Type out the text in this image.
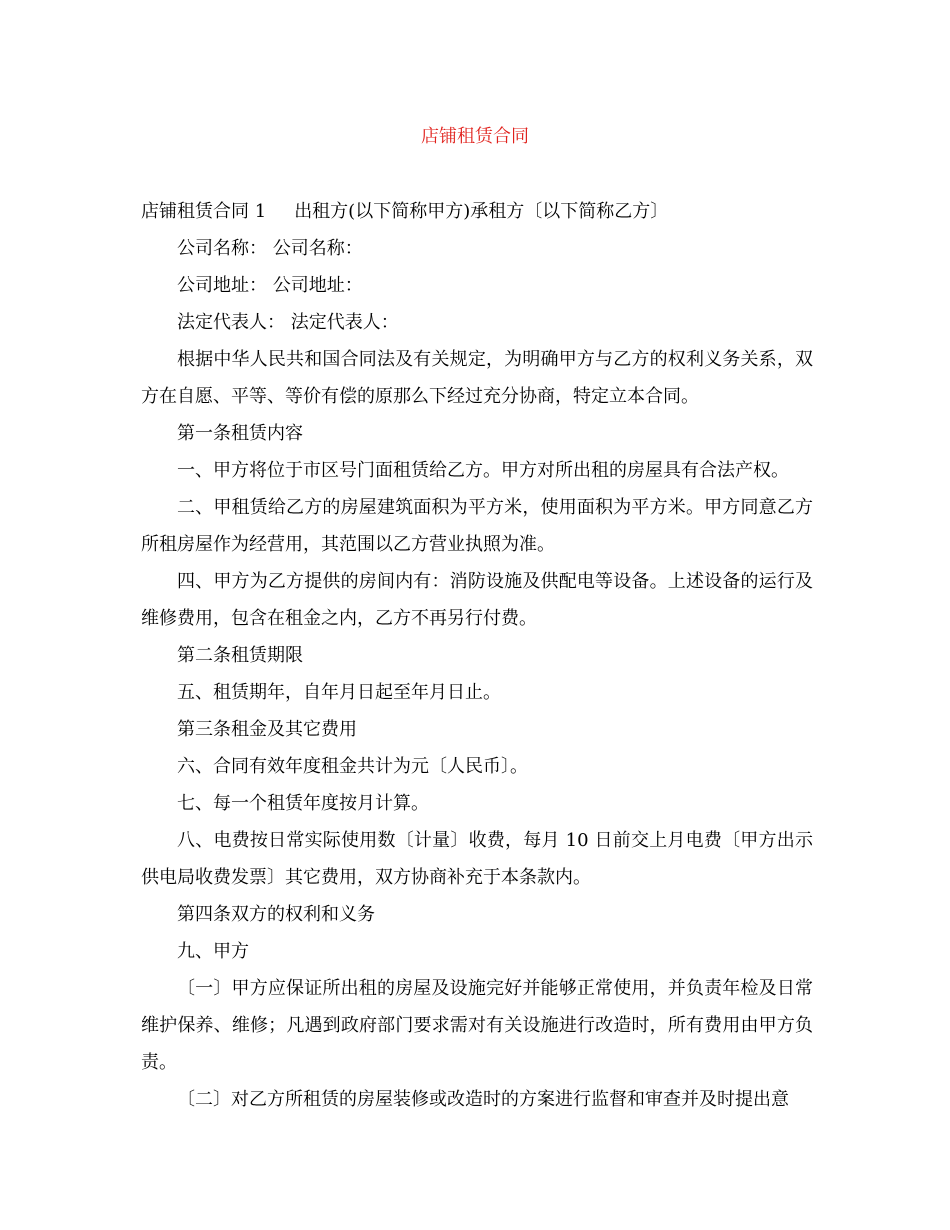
店铺租赁合同

店铺租赁合同 1 出租方(以下简称甲方)承租方〔以下简称乙方〕

公司名称： 公司名称：

公司地址： 公司地址：

法定代表人： 法定代表人：

根据中华人民共和国合同法及有关规定，为明确甲方与乙方的权利义务关系，双方在自愿、平等、等价有偿的原那么下经过充分协商，特定立本合同。

第一条租赁内容

一、甲方将位于市区号门面租赁给乙方。甲方对所出租的房屋具有合法产权。

二、甲租赁给乙方的房屋建筑面积为平方米，使用面积为平方米。甲方同意乙方所租房屋作为经营用，其范围以乙方营业执照为准。

四、甲方为乙方提供的房间内有：消防设施及供配电等设备。上述设备的运行及维修费用，包含在租金之内，乙方不再另行付费。

第二条租赁期限

五、租赁期年，自年月日起至年月日止。

第三条租金及其它费用

六、合同有效年度租金共计为元〔人民币〕。

七、每一个租赁年度按月计算。

八、电费按日常实际使用数〔计量〕收费，每月 10 日前交上月电费〔甲方出示供电局收费发票〕其它费用，双方协商补充于本条款内。

第四条双方的权利和义务

九、甲方

〔一〕甲方应保证所出租的房屋及设施完好并能够正常使用，并负责年检及日常维护保养、维修；凡遇到政府部门要求需对有关设施进行改造时，所有费用由甲方负责。

〔二〕对乙方所租赁的房屋装修或改造时的方案进行监督和审查并及时提出意
